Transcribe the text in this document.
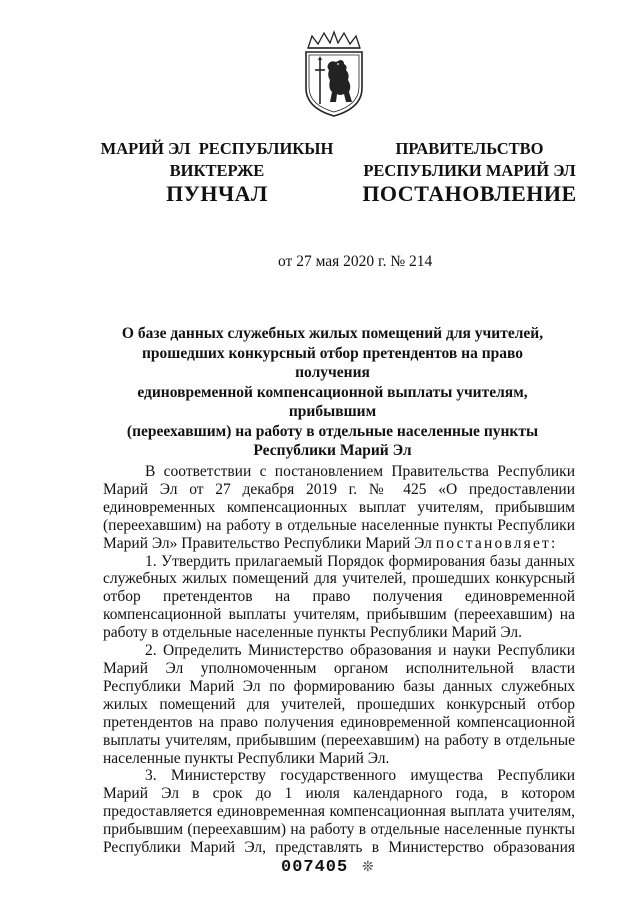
МАРИЙ ЭЛ  РЕСПУБЛИКЫН
ВИКТЕРЖЕ
ПРАВИТЕЛЬСТВО
РЕСПУБЛИКИ МАРИЙ ЭЛ
ПУНЧАЛ	ПОСТАНОВЛЕНИЕ
от 27 мая 2020 г. № 214
О базе данных служебных жилых помещений для учителей,
прошедших конкурсный отбор претендентов на право получения
единовременной компенсационной выплаты учителям, прибывшим
(переехавшим) на работу в отдельные населенные пункты
Республики Марий Эл

В соответствии с постановлением Правительства Республики Марий Эл от 27 декабря 2019 г. № 425 «О предоставлении единовременных компенсационных выплат учителям, прибывшим (переехавшим) на работу в отдельные населенные пункты Республики Марий Эл» Правительство Республики Марий Эл постановляет:

1. Утвердить прилагаемый Порядок формирования базы данных служебных жилых помещений для учителей, прошедших конкурсный отбор претендентов на право получения единовременной компенсационной выплаты учителям, прибывшим (переехавшим) на работу в отдельные населенные пункты Республики Марий Эл.

2. Определить Министерство образования и науки Республики Марий Эл уполномоченным органом исполнительной власти Республики Марий Эл по формированию базы данных служебных жилых помещений для учителей, прошедших конкурсный отбор претендентов на право получения единовременной компенсационной выплаты учителям, прибывшим (переехавшим) на работу в отдельные населенные пункты Республики Марий Эл.

3. Министерству государственного имущества Республики Марий Эл в срок до 1 июля календарного года, в котором предоставляется единовременная компенсационная выплата учителям, прибывшим (переехавшим) на работу в отдельные населенные пункты Республики Марий Эл, представлять в Министерство образования

007405 ❊
